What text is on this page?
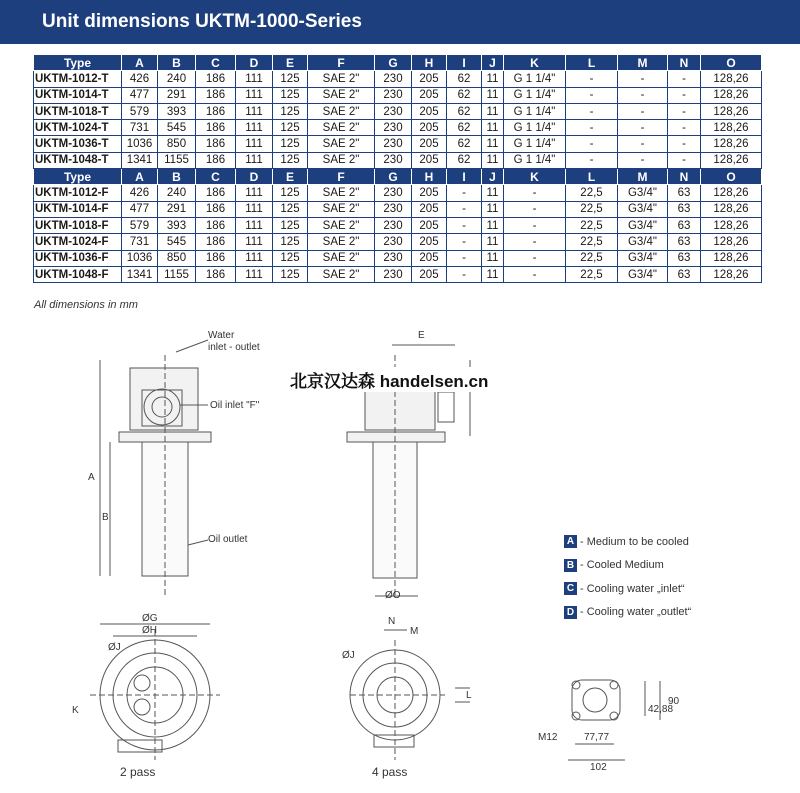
Unit dimensions UKTM-1000-Series
Type	A	B	C	D	E	F	G	H	I	J	K	L	M	N	O
UKTM-1012-T	426	240	186	111	125	SAE 2"	230	205	62	11	G 1 1/4"	-	-	-	128,26
UKTM-1014-T	477	291	186	111	125	SAE 2"	230	205	62	11	G 1 1/4"	-	-	-	128,26
UKTM-1018-T	579	393	186	111	125	SAE 2"	230	205	62	11	G 1 1/4"	-	-	-	128,26
UKTM-1024-T	731	545	186	111	125	SAE 2"	230	205	62	11	G 1 1/4"	-	-	-	128,26
UKTM-1036-T	1036	850	186	111	125	SAE 2"	230	205	62	11	G 1 1/4"	-	-	-	128,26
UKTM-1048-T	1341	1155	186	111	125	SAE 2"	230	205	62	11	G 1 1/4"	-	-	-	128,26
Type	A	B	C	D	E	F	G	H	I	J	K	L	M	N	O
UKTM-1012-F	426	240	186	111	125	SAE 2"	230	205	-	11	-	22,5	G3/4"	63	128,26
UKTM-1014-F	477	291	186	111	125	SAE 2"	230	205	-	11	-	22,5	G3/4"	63	128,26
UKTM-1018-F	579	393	186	111	125	SAE 2"	230	205	-	11	-	22,5	G3/4"	63	128,26
UKTM-1024-F	731	545	186	111	125	SAE 2"	230	205	-	11	-	22,5	G3/4"	63	128,26
UKTM-1036-F	1036	850	186	111	125	SAE 2"	230	205	-	11	-	22,5	G3/4"	63	128,26
UKTM-1048-F	1341	1155	186	111	125	SAE 2"	230	205	-	11	-	22,5	G3/4"	63	128,26
All dimensions in mm
Water
inlet - outlet
Oil inlet "F"
Oil outlet
A
B
E
ØO
ØG
ØH
ØJ
K
ØJ
N
M
L
M12	77,77
102
42,88
90
北京汉达森 handelsen.cn
A - Medium to be cooled
B - Cooled Medium
C - Cooling water „inlet“
D - Cooling water „outlet“
2 pass	4 pass
